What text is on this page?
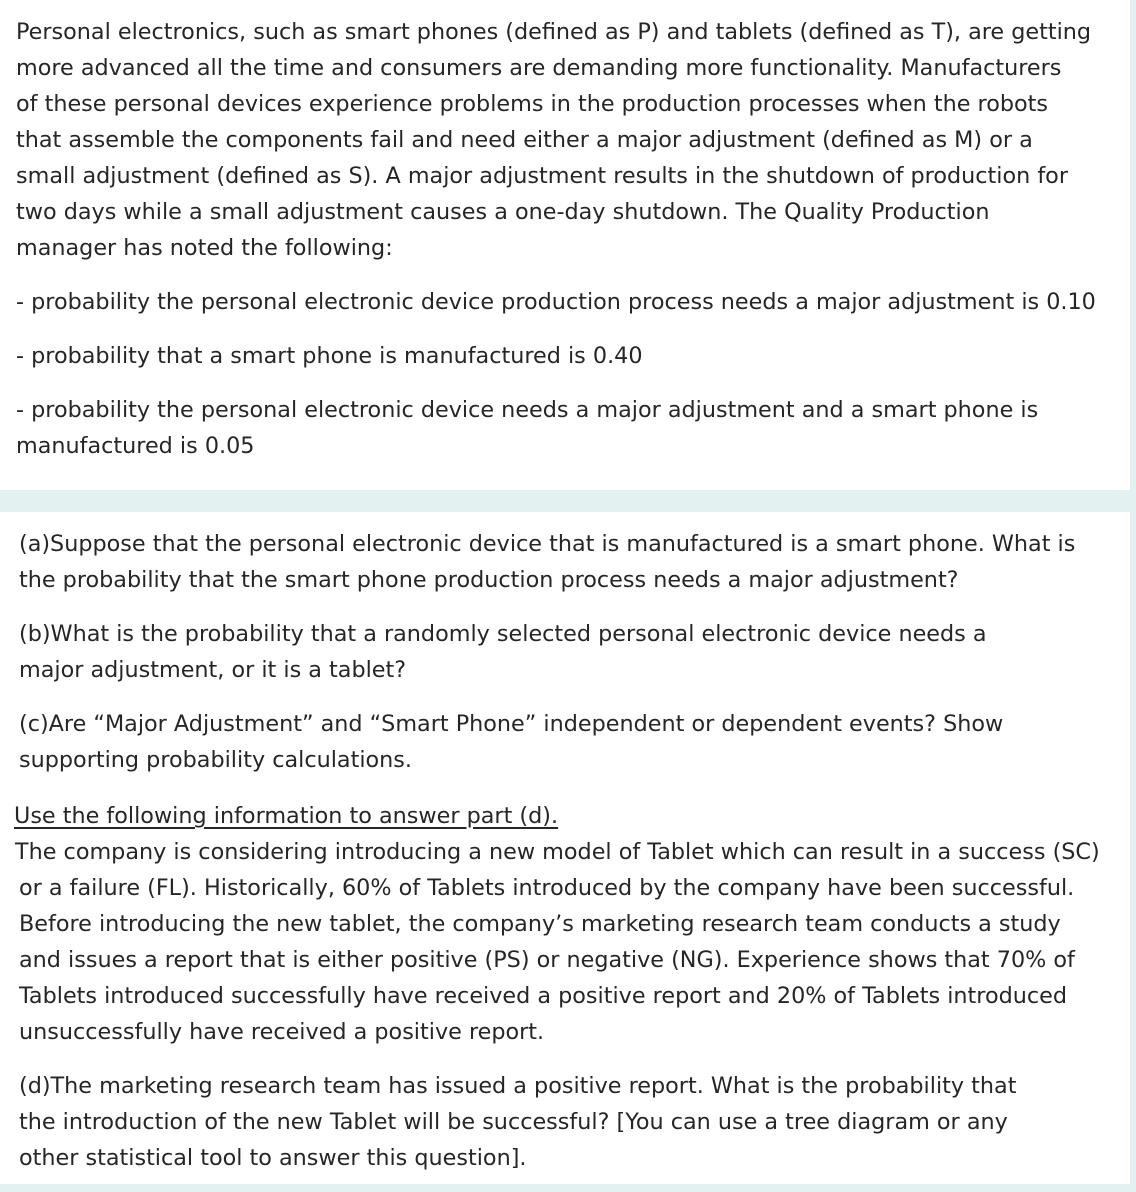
Personal electronics, such as smart phones (defined as P) and tablets (defined as T), are getting

more advanced all the time and consumers are demanding more functionality. Manufacturers

of these personal devices experience problems in the production processes when the robots

that assemble the components fail and need either a major adjustment (defined as M) or a

small adjustment (defined as S). A major adjustment results in the shutdown of production for

two days while a small adjustment causes a one-day shutdown. The Quality Production

manager has noted the following:

- probability the personal electronic device production process needs a major adjustment is 0.10

- probability that a smart phone is manufactured is 0.40

- probability the personal electronic device needs a major adjustment and a smart phone is

manufactured is 0.05

(a)Suppose that the personal electronic device that is manufactured is a smart phone. What is

the probability that the smart phone production process needs a major adjustment?

(b)What is the probability that a randomly selected personal electronic device needs a

major adjustment, or it is a tablet?

(c)Are “Major Adjustment” and “Smart Phone” independent or dependent events? Show

supporting probability calculations.

Use the following information to answer part (d).

The company is considering introducing a new model of Tablet which can result in a success (SC)

or a failure (FL). Historically, 60% of Tablets introduced by the company have been successful.

Before introducing the new tablet, the company’s marketing research team conducts a study

and issues a report that is either positive (PS) or negative (NG). Experience shows that 70% of

Tablets introduced successfully have received a positive report and 20% of Tablets introduced

unsuccessfully have received a positive report.

(d)The marketing research team has issued a positive report. What is the probability that

the introduction of the new Tablet will be successful? [You can use a tree diagram or any

other statistical tool to answer this question].
